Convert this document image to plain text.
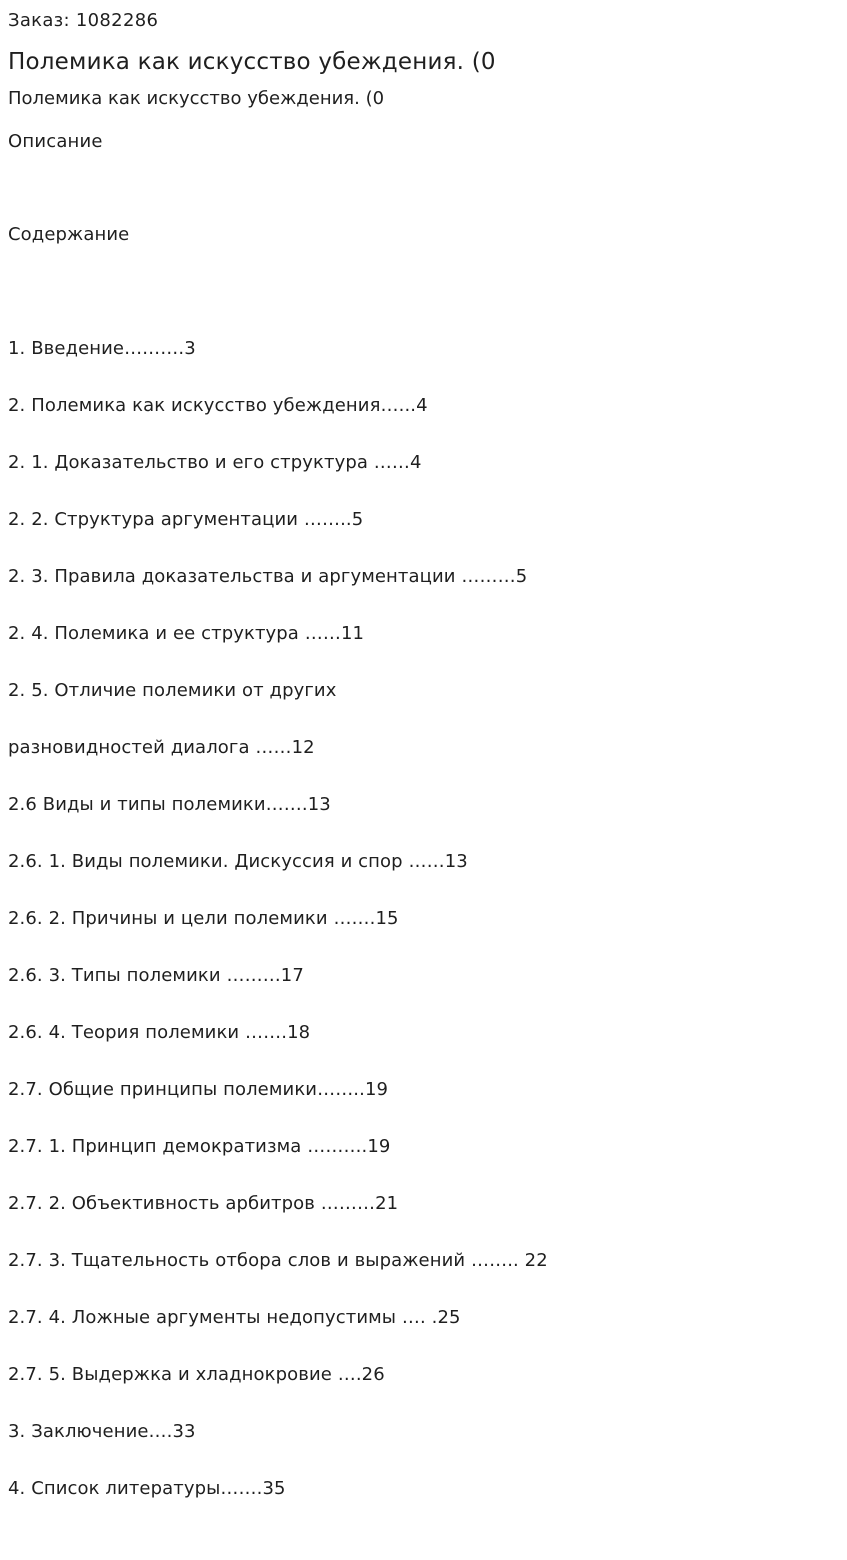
Заказ: 1082286
Полемика как искусство убеждения. (0
Полемика как искусство убеждения. (0
Описание

Содержание

1. Введение……….3

2. Полемика как искусство убеждения…...4

2. 1. Доказательство и его структура ……4

2. 2. Структура аргументации ……..5

2. 3. Правила доказательства и аргументации ………5

2. 4. Полемика и ее структура ……11

2. 5. Отличие полемики от других

разновидностей диалога ……12

2.6 Виды и типы полемики…….13

2.6. 1. Виды полемики. Дискуссия и спор ……13

2.6. 2. Причины и цели полемики …….15

2.6. 3. Типы полемики ………17

2.6. 4. Теория полемики …….18

2.7. Общие принципы полемики……..19

2.7. 1. Принцип демократизма ……….19

2.7. 2. Объективность арбитров ………21

2.7. 3. Тщательность отбора слов и выражений …….. 22

2.7. 4. Ложные аргументы недопустимы …. .25

2.7. 5. Выдержка и хладнокровие ….26

3. Заключение….33

4. Список литературы…….35
